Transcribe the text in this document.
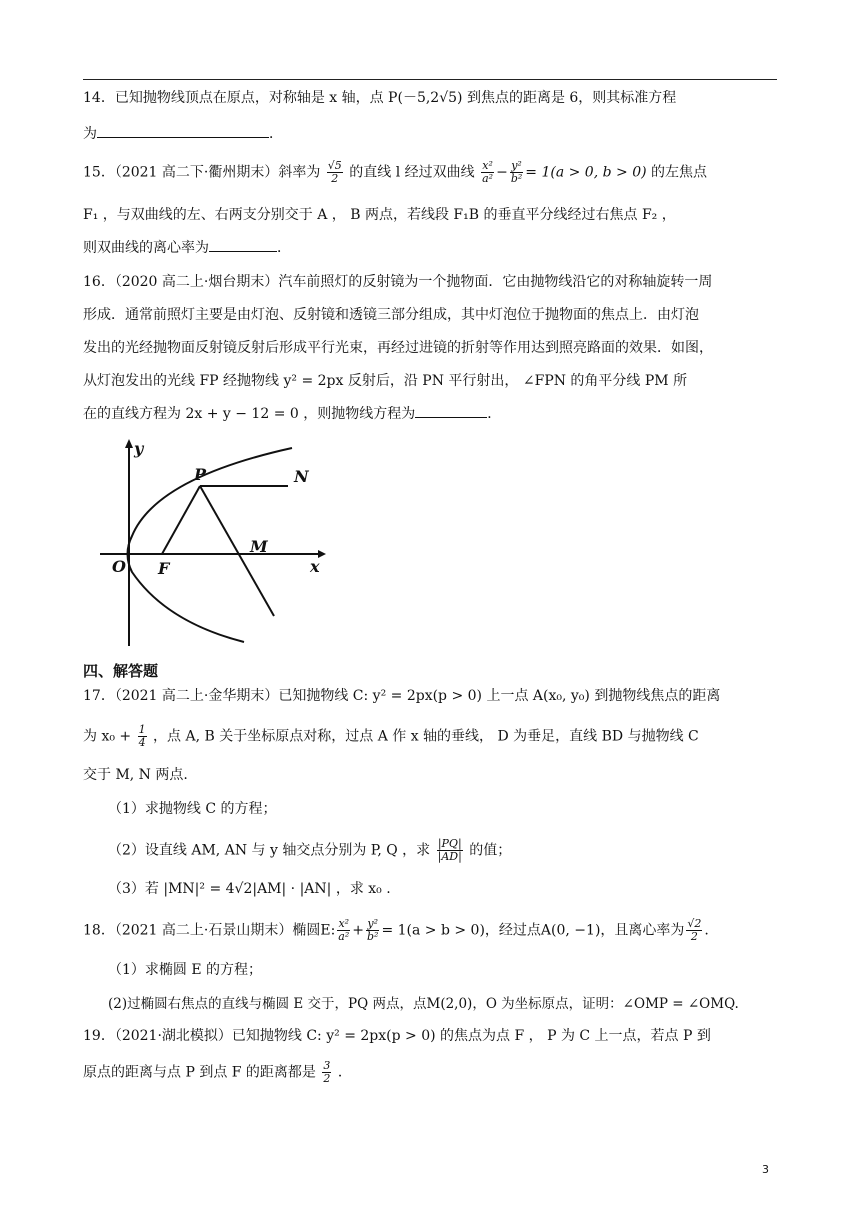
14．已知抛物线顶点在原点，对称轴是 x 轴，点 P(－5,2√5) 到焦点的距离是 6，则其标准方程
为	．
15．（2021 高二下·衢州期末）斜率为 $\frac{√5}{2}$ 的直线 l 经过双曲线 $\frac{\text{x²}}{\text{a²}} - \frac{\text{y²}}{\text{b²}} = 1(a > 0$, b > 0) 的左焦点
F₁ ，与双曲线的左、右两支分别交于 A ， B 两点，若线段 F₁B 的垂直平分线经过右焦点 F₂ ，
则双曲线的离心率为	．
16．（2020 高二上·烟台期末）汽车前照灯的反射镜为一个抛物面．它由抛物线沿它的对称轴旋转一周
形成．通常前照灯主要是由灯泡、反射镜和透镜三部分组成，其中灯泡位于抛物面的焦点上．由灯泡
发出的光经抛物面反射镜反射后形成平行光束，再经过进镜的折射等作用达到照亮路面的效果．如图，
从灯泡发出的光线 FP 经抛物线 y² = 2px 反射后，沿 PN 平行射出， ∠FPN 的角平分线 PM 所
在的直线方程为 2x + y − 12 = 0 ，则抛物线方程为	．
y
x
O F
P	N
M
四、解答题
17．（2021 高二上·金华期末）已知抛物线 C: y² = 2px(p > 0) 上一点 A(x₀, y₀) 到抛物线焦点的距离
为 $x_0 + \frac{1}{4}$ ，点 A, B 关于坐标原点对称，过点 A 作 x 轴的垂线， D 为垂足，直线 BD 与抛物线 C
交于 M, N 两点.
（1）求抛物线 C 的方程；
（2）设直线 AM, AN 与 y 轴交点分别为 P, Q ，求 $\frac{|PQ|}{|AD|}$ 的值；
（3）若 |MN|² = 4√2|AM| · |AN| ，求 x₀ .
18．（2021 高二上·石景山期末）椭圆E: $\frac{\text{x²}}{\text{a²}} + \frac{\text{y²}}{\text{b²}} = 1(a > b > 0)$，经过点A(0, −1)，且离心率为 $\frac{√2}{2}$ .
（1）求椭圆 E 的方程；
(2)过椭圆右焦点的直线与椭圆 E 交于，PQ 两点，点M(2,0)，O 为坐标原点，证明：∠OMP = ∠OMQ.
19．（2021·湖北模拟）已知抛物线 C: y² = 2px(p > 0) 的焦点为点 F ， P 为 C 上一点，若点 P 到
原点的距离与点 P 到点 F 的距离都是 $\frac{3}{2}$ ．
3
